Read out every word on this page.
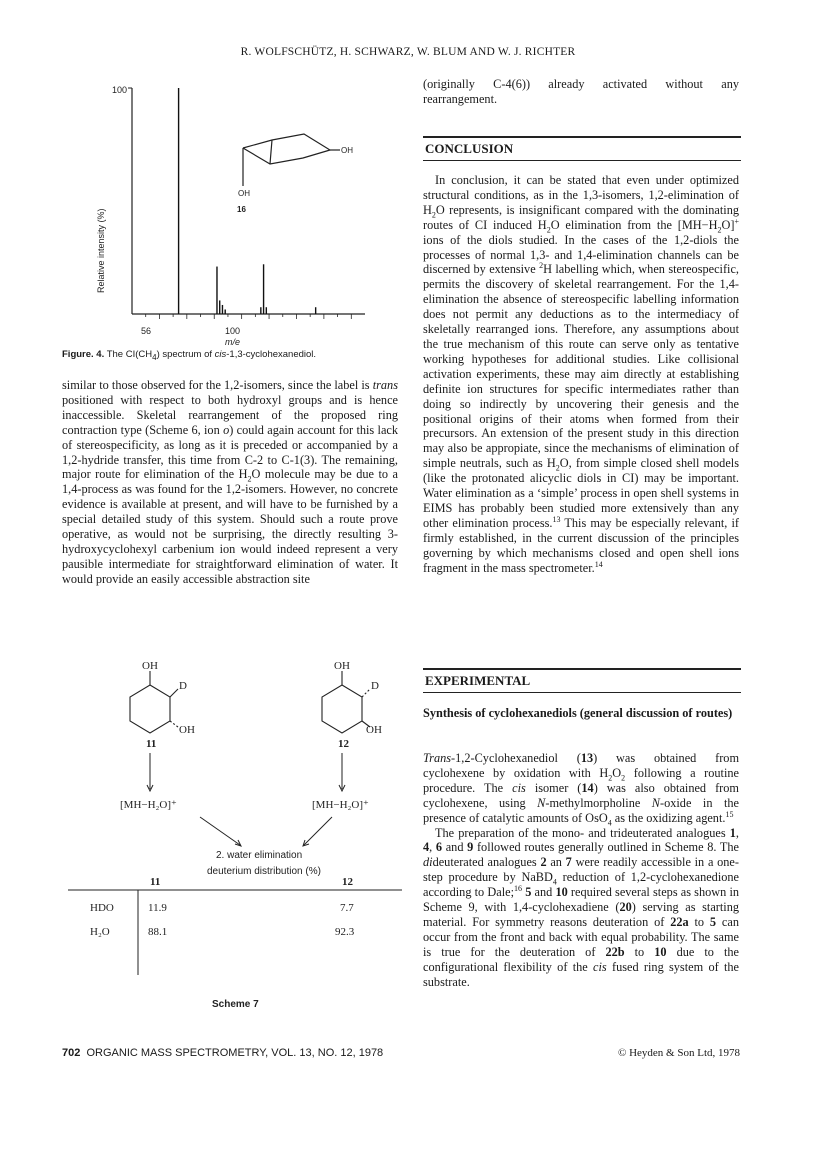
R. WOLFSCHÜTZ, H. SCHWARZ, W. BLUM AND W. J. RICHTER
Relative intensity (%)
100
56	100
m/e
OH
OH
16
Figure. 4. The $CI(CH_4)$ spectrum of cis-1,3-cyclohexanediol.

similar to those observed for the 1,2-isomers, since the label is trans positioned with respect to both hydroxyl groups and is hence inaccessible. Skeletal rearrangement of the proposed ring contraction type (Scheme 6, ion o) could again account for this lack of stereospecificity, as long as it is preceded or accompanied by a 1,2-hydride transfer, this time from C-2 to C-1(3). The remaining, major route for elimination of the $H_2O$ molecule may be due to a 1,4-process as was found for the 1,2-isomers. However, no concrete evidence is available at present, and will have to be furnished by a special detailed study of this system. Should such a route prove operative, as would not be surprising, the directly resulting 3-hydroxycyclohexyl carbenium ion would indeed represent a very pausible intermediate for straightforward elimination of water. It would provide an easily accessible abstraction site

OH
D
OH
11
OH
D
OH
12
[MH−H₂O]⁺	[MH−H₂O]⁺
2. water elimination
deuterium distribution (%)
11	12
HDO	11.9	7.7
H₂O	88.1	92.3
Scheme 7

(originally C-4(6)) already activated without any rearrangement.

CONCLUSION

In conclusion, it can be stated that even under optimized structural conditions, as in the 1,3-isomers, 1,2-elimination of $H_2O$ represents, is insignificant compared with the dominating routes of CI induced $H_2O$ elimination from the $[MH-H_2O]^+$ ions of the diols studied. In the cases of the 1,2-diols the processes of normal 1,3- and 1,4-elimination channels can be discerned by extensive $^2$H labelling which, when stereospecific, permits the discovery of skeletal rearrangement. For the 1,4-elimination the absence of stereospecific labelling information does not permit any deductions as to the intermediacy of skeletally rearranged ions. Therefore, any assumptions about the true mechanism of this route can serve only as tentative working hypotheses for additional studies. Like collisional activation experiments, these may aim directly at establishing definite ion structures for specific intermediates rather than doing so indirectly by uncovering their genesis and the positional origins of their atoms when formed from their precursors. An extension of the present study in this direction may also be appropiate, since the mechanisms of elimination of simple neutrals, such as $H_2O$, from simple closed shell models (like the protonated alicyclic diols in CI) may be important. Water elimination as a ‘simple’ process in open shell systems in EIMS has probably been studied more extensively than any other elimination process.$^{13}$ This may be especially relevant, if firmly established, in the current discussion of the principles governing by which mechanisms closed and open shell ions fragment in the mass spectrometer.$^{14}$

EXPERIMENTAL
Synthesis of cyclohexanediols (general discussion of routes)

Trans-1,2-Cyclohexanediol (13) was obtained from cyclohexene by oxidation with $H_2O_2$ following a routine procedure. The cis isomer (14) was also obtained from cyclohexene, using N-methylmorpholine N-oxide in the presence of catalytic amounts of OsO$_4$ as the oxidizing agent.$^{15}$

The preparation of the mono- and trideuterated analogues 1, 4, 6 and 9 followed routes generally outlined in Scheme 8. The dideuterated analogues 2 an 7 were readily accessible in a one-step procedure by NaBD$_4$ reduction of 1,2-cyclohexanedione according to Dale;$^{16}$ 5 and 10 required several steps as shown in Scheme 9, with 1,4-cyclohexadiene (20) serving as starting material. For symmetry reasons deuteration of 22a to 5 can occur from the front and back with equal probability. The same is true for the deuteration of 22b to 10 due to the configurational flexibility of the cis fused ring system of the substrate.

702 ORGANIC MASS SPECTROMETRY, VOL. 13, NO. 12, 1978	© Heyden & Son Ltd, 1978
